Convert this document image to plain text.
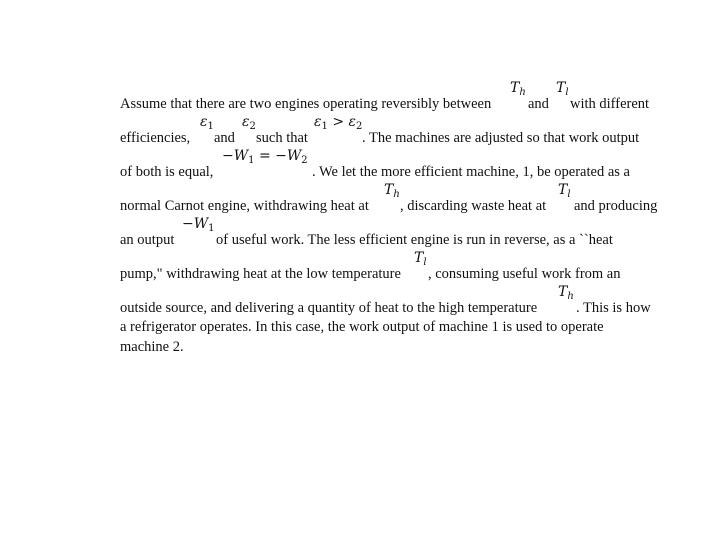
Assume that there are two engines operating reversibly between	and with different
$T_h$ $T_l$
efficiencies, and such that	. The machines are adjusted so that work output
$\varepsilon_1$ $\varepsilon_2$	$\varepsilon_1 > \varepsilon_2$
of both is equal,	. We let the more efficient machine, 1, be operated as a
$-W_1 = -W_2$
normal Carnot engine, withdrawing heat at , discarding waste heat at and producing
$T_h$	$T_l$
an output	of useful work. The less efficient engine is run in reverse, as a ``heat
$-W_1$
pump," withdrawing heat at the low temperature , consuming useful work from an
$T_l$
outside source, and delivering a quantity of heat to the high temperature	. This is how
$T_h$
a refrigerator operates. In this case, the work output of machine 1 is used to operate
machine 2.
